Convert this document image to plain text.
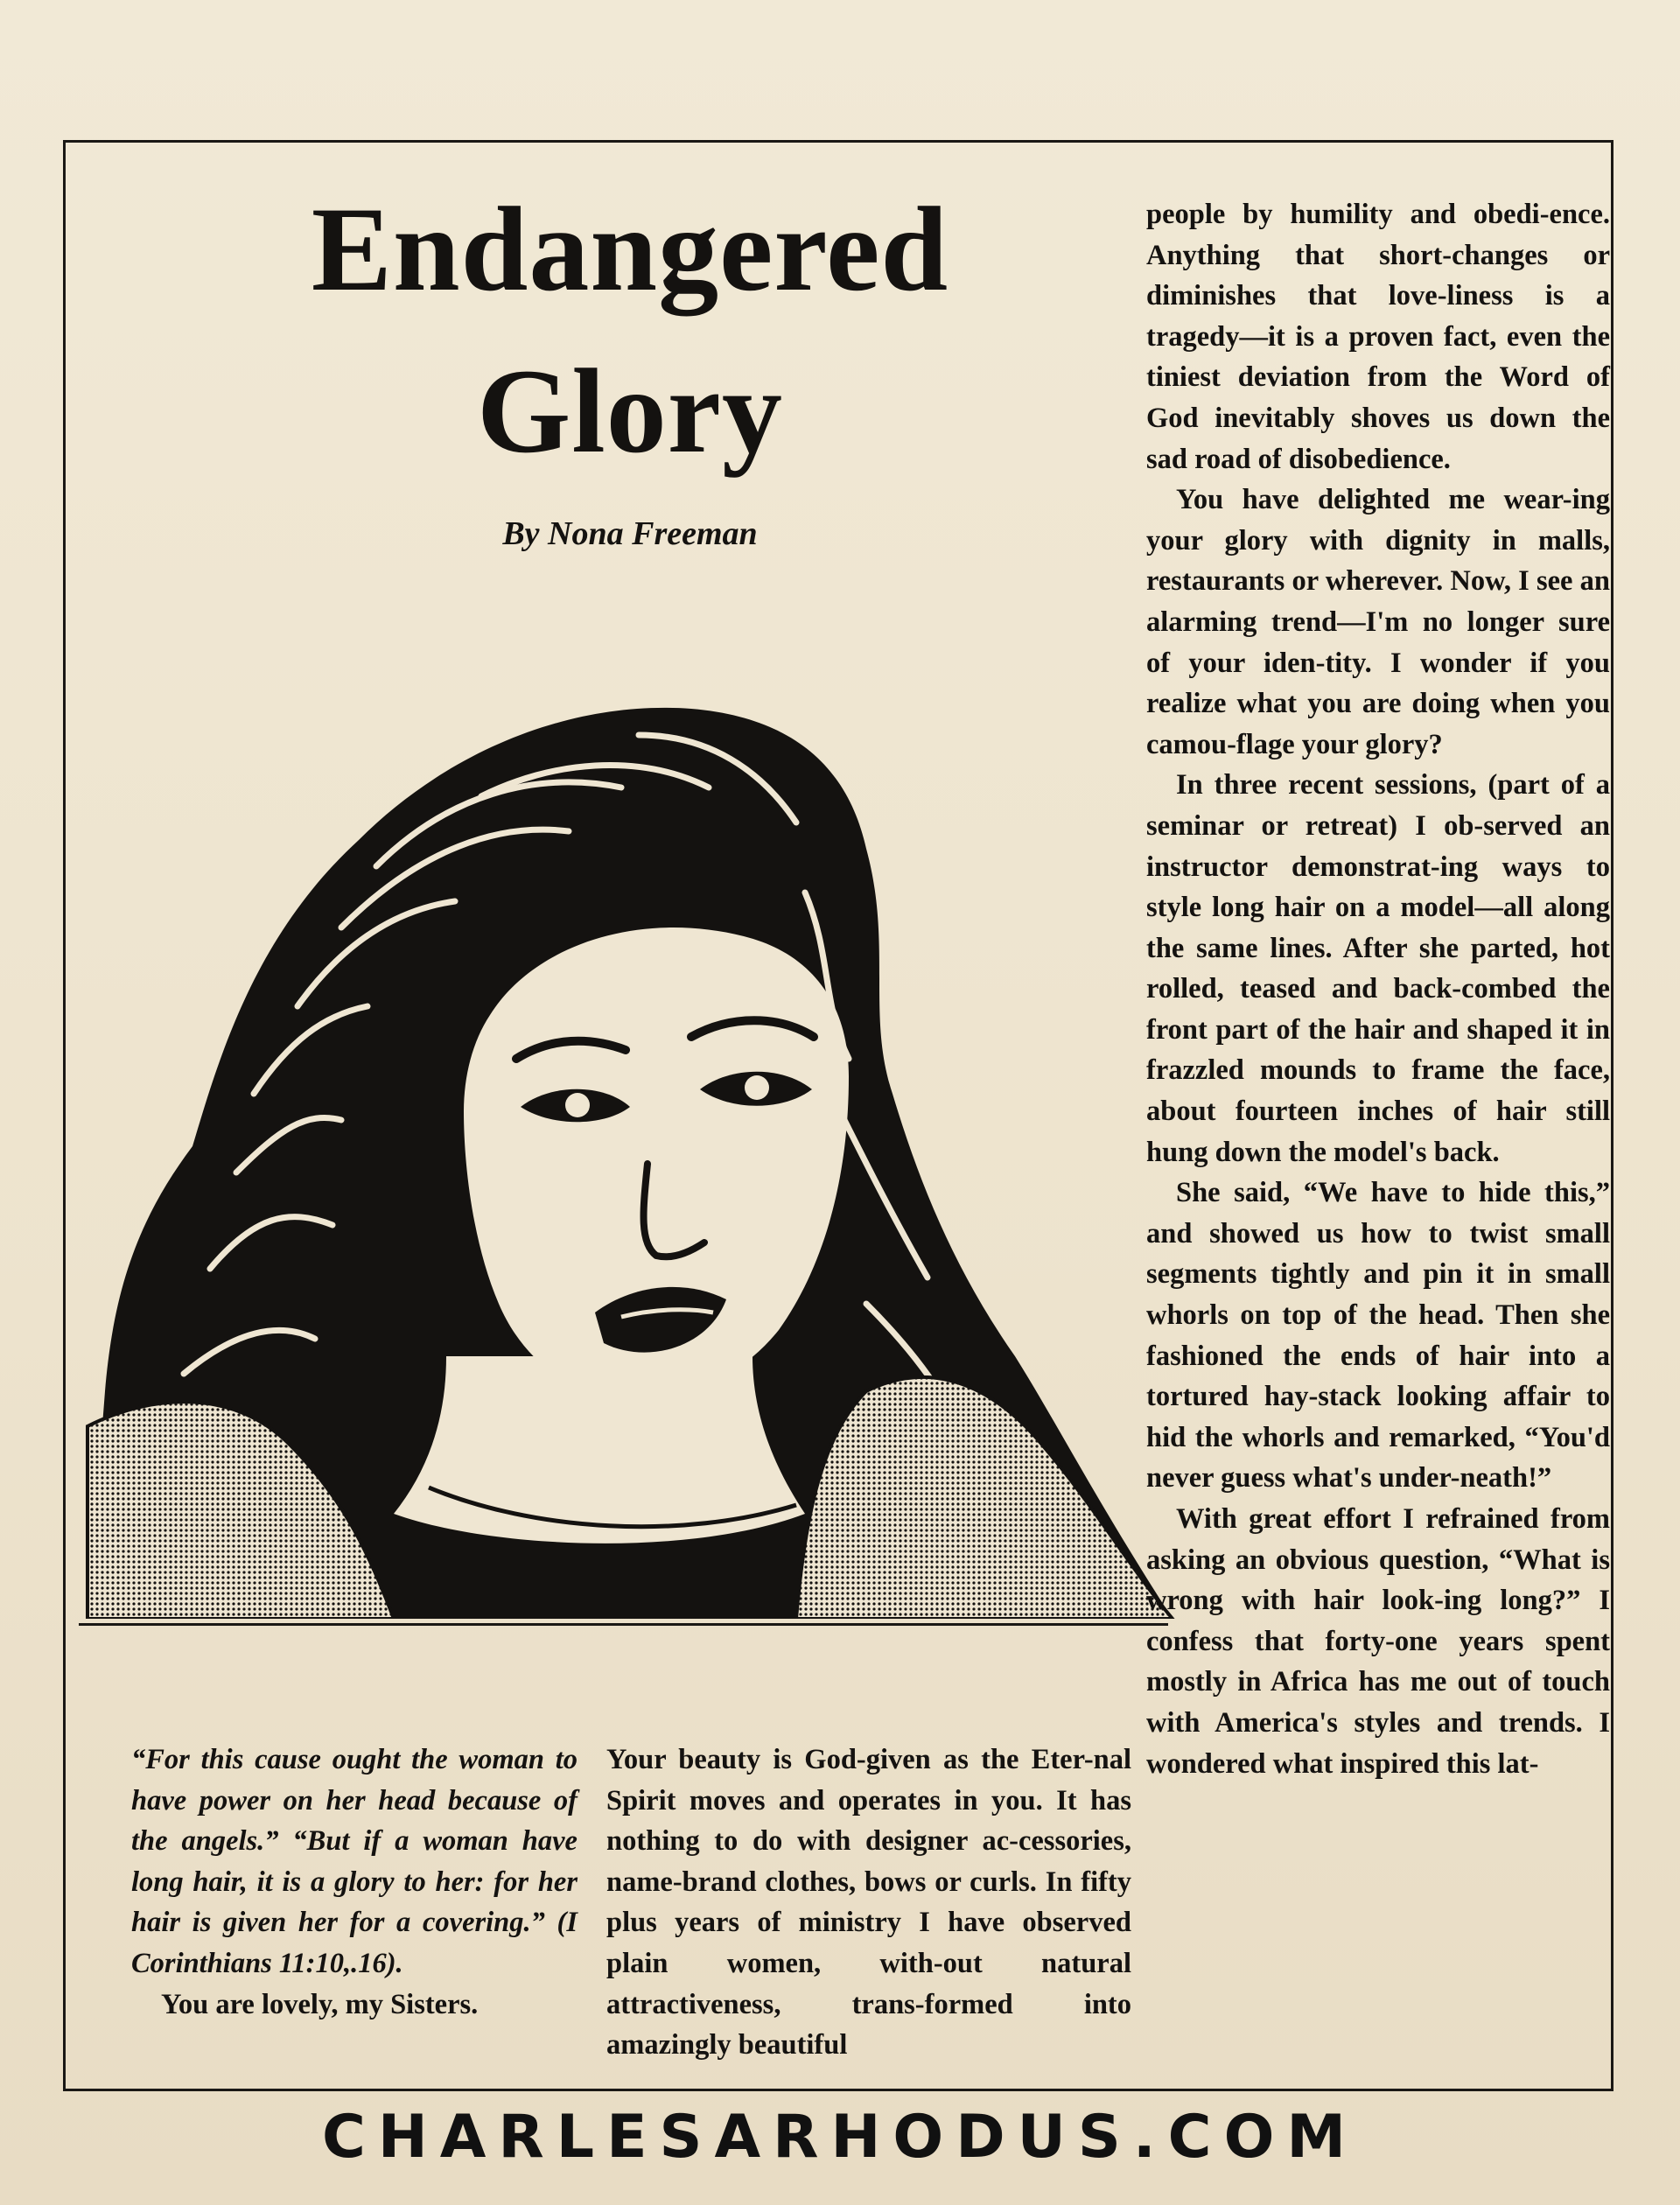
Endangered
Glory
By Nona Freeman

people by humility and obedi-ence. Anything that short-changes or diminishes that love-liness is a tragedy—it is a proven fact, even the tiniest deviation from the Word of God inevitably shoves us down the sad road of disobedience.

You have delighted me wear-ing your glory with dignity in malls, restaurants or wherever. Now, I see an alarming trend—I'm no longer sure of your iden-tity. I wonder if you realize what you are doing when you camou-flage your glory?

In three recent sessions, (part of a seminar or retreat) I ob-served an instructor demonstrat-ing ways to style long hair on a model—all along the same lines. After she parted, hot rolled, teased and back-combed the front part of the hair and shaped it in frazzled mounds to frame the face, about fourteen inches of hair still hung down the model's back.

She said, “We have to hide this,” and showed us how to twist small segments tightly and pin it in small whorls on top of the head. Then she fashioned the ends of hair into a tortured hay-stack looking affair to hid the whorls and remarked, “You'd never guess what's under-neath!”

With great effort I refrained from asking an obvious question, “What is wrong with hair look-ing long?” I confess that forty-one years spent mostly in Africa has me out of touch with America's styles and trends. I wondered what inspired this lat-

“For this cause ought the woman to have power on her head because of the angels.” “But if a woman have long hair, it is a glory to her: for her hair is given her for a covering.” (I Corinthians 11:10,.16).

You are lovely, my Sisters.

Your beauty is God-given as the Eter-nal Spirit moves and operates in you. It has nothing to do with designer ac-cessories, name-brand clothes, bows or curls. In fifty plus years of ministry I have observed plain women, with-out natural attractiveness, trans-formed into amazingly beautiful

CHARLESARHODUS.COM
